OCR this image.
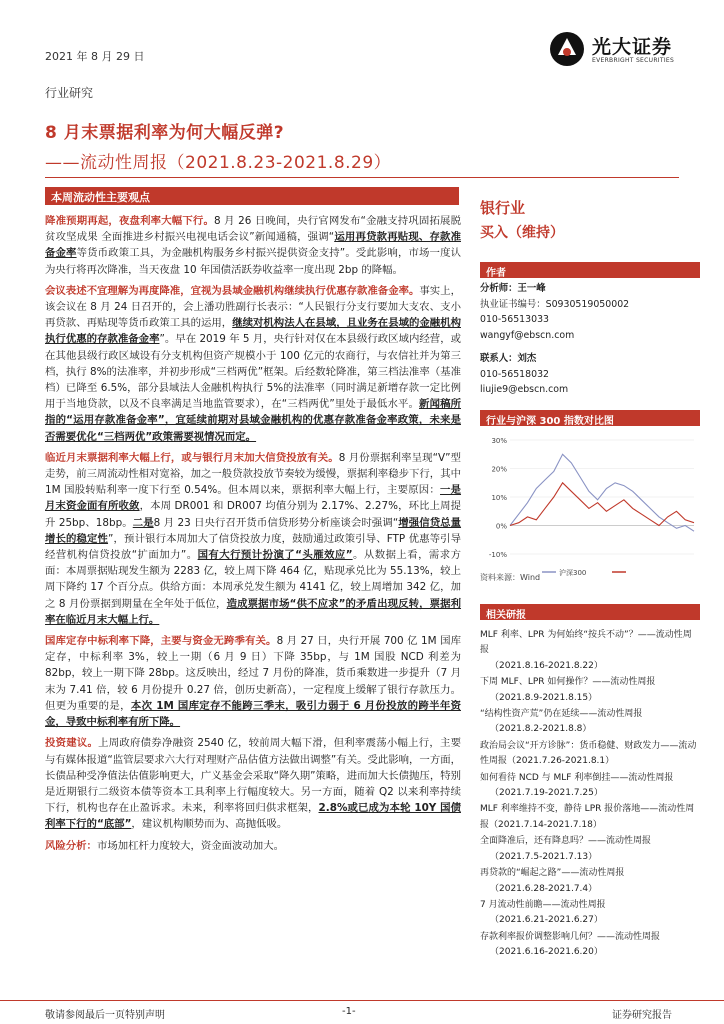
2021 年 8 月 29 日	光大证券
EVERBRIGHT SECURITIES
行业研究
8 月末票据利率为何大幅反弹?
——流动性周报（2021.8.23-2021.8.29）
本周流动性主要观点

降准预期再起，夜盘利率大幅下行。8 月 26 日晚间，央行官网发布“金融支持巩固拓展脱贫攻坚成果 全面推进乡村振兴电视电话会议”新闻通稿，强调“运用再贷款再贴现、存款准备金率等货币政策工具，为金融机构服务乡村振兴提供资金支持”。受此影响，市场一度认为央行将再次降准，当天夜盘 10 年国债活跃券收益率一度出现 2bp 的降幅。

会议表述不宜理解为再度降准，宜视为县域金融机构继续执行优惠存款准备金率。事实上，该会议在 8 月 24 日召开的，会上潘功胜副行长表示：“人民银行分支行要加大支农、支小再贷款、再贴现等货币政策工具的运用，继续对机构法人在县域，且业务在县域的金融机构执行优惠的存款准备金率”。早在 2019 年 5 月，央行针对仅在本县级行政区域内经营，或在其他县级行政区域设有分支机构但资产规模小于 100 亿元的农商行，与农信社并为第三档，执行 8%的法准率，并初步形成“三档两优”框架。后经数轮降准，第三档法准率（基准档）已降至 6.5%，部分县域法人金融机构执行 5%的法准率（同时满足新增存款一定比例用于当地贷款，以及不良率满足当地监管要求），在“三档两优”里处于最低水平。新闻稿所指的“运用存款准备金率”，宜延续前期对县域金融机构的优惠存款准备金率政策，未来是否需要优化“三档两优”政策需要视情况而定。

临近月末票据利率大幅上行，或与银行月末加大信贷投放有关。8 月份票据利率呈现“V”型走势，前三周流动性相对宽裕，加之一般贷款投放节奏较为缓慢，票据利率稳步下行，其中 1M 国股转贴利率一度下行至 0.54%。但本周以来，票据利率大幅上行，主要原因：一是月末资金面有所收敛，本周 DR001 和 DR007 均值分别为 2.17%、2.27%，环比上周提升 25bp、18bp。二是8 月 23 日央行召开货币信贷形势分析座谈会时强调“增强信贷总量增长的稳定性”，预计银行本周加大了信贷投放力度，鼓励通过政策引导、FTP 优惠等引导经营机构信贷投放“扩面加力”。国有大行预计扮演了“头雁效应”。从数据上看，需求方面：本周票据贴现发生额为 2283 亿，较上周下降 464 亿，贴现承兑比为 55.13%，较上周下降约 17 个百分点。供给方面：本周承兑发生额为 4141 亿，较上周增加 342 亿，加之 8 月份票据到期量在全年处于低位，造成票据市场“供不应求”的矛盾出现反转，票据利率在临近月末大幅上行。

国库定存中标利率下降，主要与资金无跨季有关。8 月 27 日，央行开展 700 亿 1M 国库定存，中标利率 3%，较上一期（6 月 9 日）下降 35bp，与 1M 国股 NCD 利差为 82bp，较上一期下降 28bp。这反映出，经过 7 月份的降准，货币乘数进一步提升（7 月末为 7.41 倍，较 6 月份提升 0.27 倍，创历史新高），一定程度上缓解了银行存款压力。但更为重要的是，本次 1M 国库定存不能跨三季末，吸引力弱于 6 月份投放的跨半年资金，导致中标利率有所下降。

投资建议。上周政府债券净融资 2540 亿，较前周大幅下滑，但利率震荡小幅上行，主要与有媒体报道“监管层要求六大行对理财产品估值方法做出调整”有关。受此影响，一方面，长债品种受净值法估值影响更大，广义基金会采取“降久期”策略，进而加大长债抛压，特别是近期银行二级资本债等资本工具利率上行幅度较大。另一方面，随着 Q2 以来利率持续下行，机构也存在止盈诉求。未来，利率将回归供求框架，2.8%或已成为本轮 10Y 国债利率下行的“底部”，建议机构顺势而为、高抛低吸。

风险分析：市场加杠杆力度较大，资金面波动加大。

银行业
买入（维持）
作者
分析师：王一峰
执业证书编号：S0930519050002
010-56513033
wangyf@ebscn.com
联系人：刘杰
010-56518032
liujie9@ebscn.com
行业与沪深 300 指数对比图
30%
20%
10%
0%
-10%
沪深300
资料来源：Wind
相关研报
MLF 利率、LPR 为何始终“按兵不动”？——流动性周报
（2021.8.16-2021.8.22）
下周 MLF、LPR 如何操作？——流动性周报
（2021.8.9-2021.8.15）
“结构性资产荒”仍在延续——流动性周报
（2021.8.2-2021.8.8）
政治局会议“开方诊脉”：货币稳健、财政发力——流动性周报（2021.7.26-2021.8.1）
如何看待 NCD 与 MLF 利率倒挂——流动性周报
（2021.7.19-2021.7.25）
MLF 利率维持不变，静待 LPR 报价落地——流动性周报（2021.7.14-2021.7.18）
全面降准后，还有降息吗？——流动性周报
（2021.7.5-2021.7.13）
再贷款的“崛起之路”——流动性周报
（2021.6.28-2021.7.4）
7 月流动性前瞻——流动性周报
（2021.6.21-2021.6.27）
存款利率报价调整影响几何？——流动性周报
（2021.6.16-2021.6.20）
敬请参阅最后一页特别声明	-1-	证券研究报告
